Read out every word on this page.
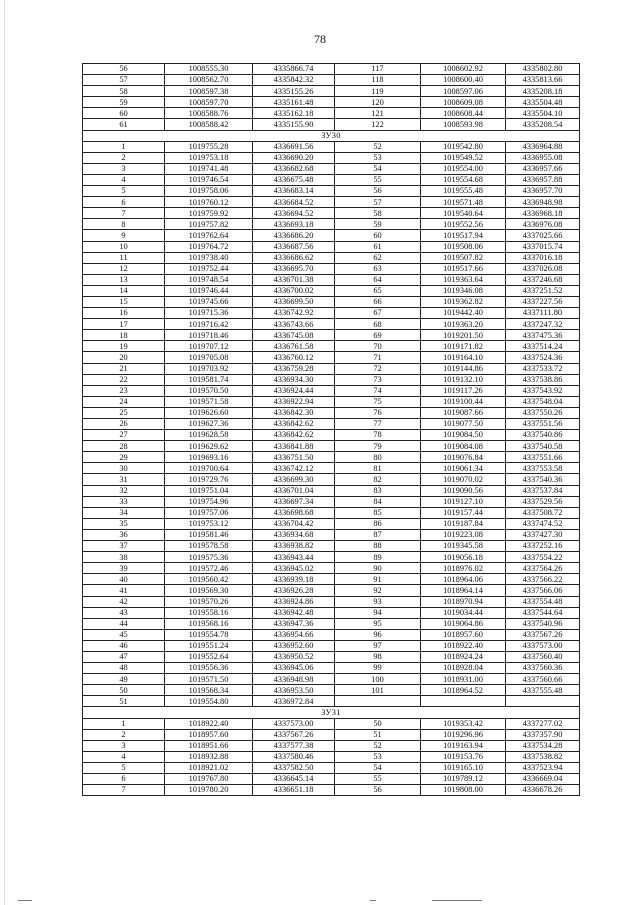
78
56	1008555.30	4335866.74	117	1008602.92	4335802.80
57	1008562.70	4335842.32	118	1008600.40	4335813.66
58	1008597.38	4335155.26	119	1008597.06	4335208.18
59	1008597.70	4335161.48	120	1008609.08	4335504.48
60	1008588.76	4335162.18	121	1008608.44	4335504.10
61	1008588.42	4335155.90	122	1008593.98	4335208.54
ЗУ30					
1	1019755.28	4336691.56	52	1019542.80	4336964.88
2	1019753.18	4336690.20	53	1019549.52	4336955.08
3	1019741.48	4336682.68	54	1019554.00	4336957.66
4	1019746.54	4336675.48	55	1019554.68	4336957.88
5	1019758.06	4336683.14	56	1019555.48	4336957.70
6	1019760.12	4336684.52	57	1019571.48	4336948.98
7	1019759.92	4336694.52	58	1019540.64	4336968.18
8	1019757.82	4336693.18	59	1019552.56	4336976.08
9	1019762.64	4336686.20	60	1019517.94	4337025.66
10	1019764.72	4336687.56	61	1019508.06	4337015.74
11	1019738.40	4336686.62	62	1019507.82	4337016.18
12	1019752.44	4336695.70	63	1019517.66	4337026.08
13	1019748.54	4336701.38	64	1019363.64	4337246.68
14	1019746.44	4336700.02	65	1019346.08	4337251.52
15	1019745.66	4336699.50	66	1019362.82	4337227.56
16	1019715.36	4336742.92	67	1019442.40	4337111.80
17	1019716.42	4336743.66	68	1019363.20	4337247.32
18	1019718.46	4336745.08	69	1019201.50	4337475.36
19	1019707.12	4336761.58	70	1019171.82	4337514.24
20	1019705.08	4336760.12	71	1019164.10	4337524.36
21	1019703.92	4336759.28	72	1019144.86	4337533.72
22	1019581.74	4336934.30	73	1019132.10	4337538.86
23	1019570.50	4336924.44	74	1019117.26	4337543.92
24	1019571.58	4336922.94	75	1019100.44	4337548.04
25	1019626.60	4336842.30	76	1019087.66	4337550.26
26	1019627.36	4336842.62	77	1019077.50	4337551.56
27	1019628.58	4336842.62	78	1019084.50	4337540.86
28	1019629.62	4336841.88	79	1019084.08	4337540.58
29	1019693.16	4336751.50	80	1019076.84	4337551.66
30	1019700.64	4336742.12	81	1019061.34	4337553.58
31	1019729.76	4336699.30	82	1019070.02	4337540.36
32	1019751.04	4336701.04	83	1019090.56	4337537.84
33	1019754.96	4336697.34	84	1019127.10	4337529.56
34	1019757.06	4336698.68	85	1019157.44	4337508.72
35	1019753.12	4336704.42	86	1019187.84	4337474.52
36	1019581.46	4336934.68	87	1019223.08	4337427.30
37	1019578.58	4336938.82	88	1019345.58	4337252.16
38	1019575.36	4336943.44	89	1019056.18	4337554.22
39	1019572.46	4336945.02	90	1018976.02	4337564.26
40	1019560.42	4336939.18	91	1018964.06	4337566.22
41	1019569.30	4336926.28	92	1018964.14	4337566.06
42	1019570.26	4336924.86	93	1018970.94	4337554.48
43	1019558.16	4336942.48	94	1019034.44	4337544.64
44	1019568.16	4336947.36	95	1019064.86	4337540.96
45	1019554.78	4336954.66	96	1018957.60	4337567.26
46	1019551.24	4336952.60	97	1018922.40	4337573.00
47	1019552.64	4336950.52	98	1018924.24	4337560.40
48	1019556.36	4336945.06	99	1018928.04	4337560.36
49	1019571.50	4336948.98	100	1018931.00	4337560.66
50	1019568.34	4336953.50	101	1018964.52	4337555.48
51	1019554.80	4336972.84			
ЗУ31					
1	1018922.40	4337573.00	50	1019353.42	4337277.02
2	1018957.60	4337567.26	51	1019296.96	4337357.90
3	1018951.66	4337577.38	52	1019163.94	4337534.28
4	1018932.88	4337580.46	53	1019153.76	4337538.82
5	1018921.02	4337582.50	54	1019165.10	4337523.94
6	1019767.80	4336645.14	55	1019789.12	4336669.04
7	1019780.20	4336651.18	56	1019808.00	4336678.26
